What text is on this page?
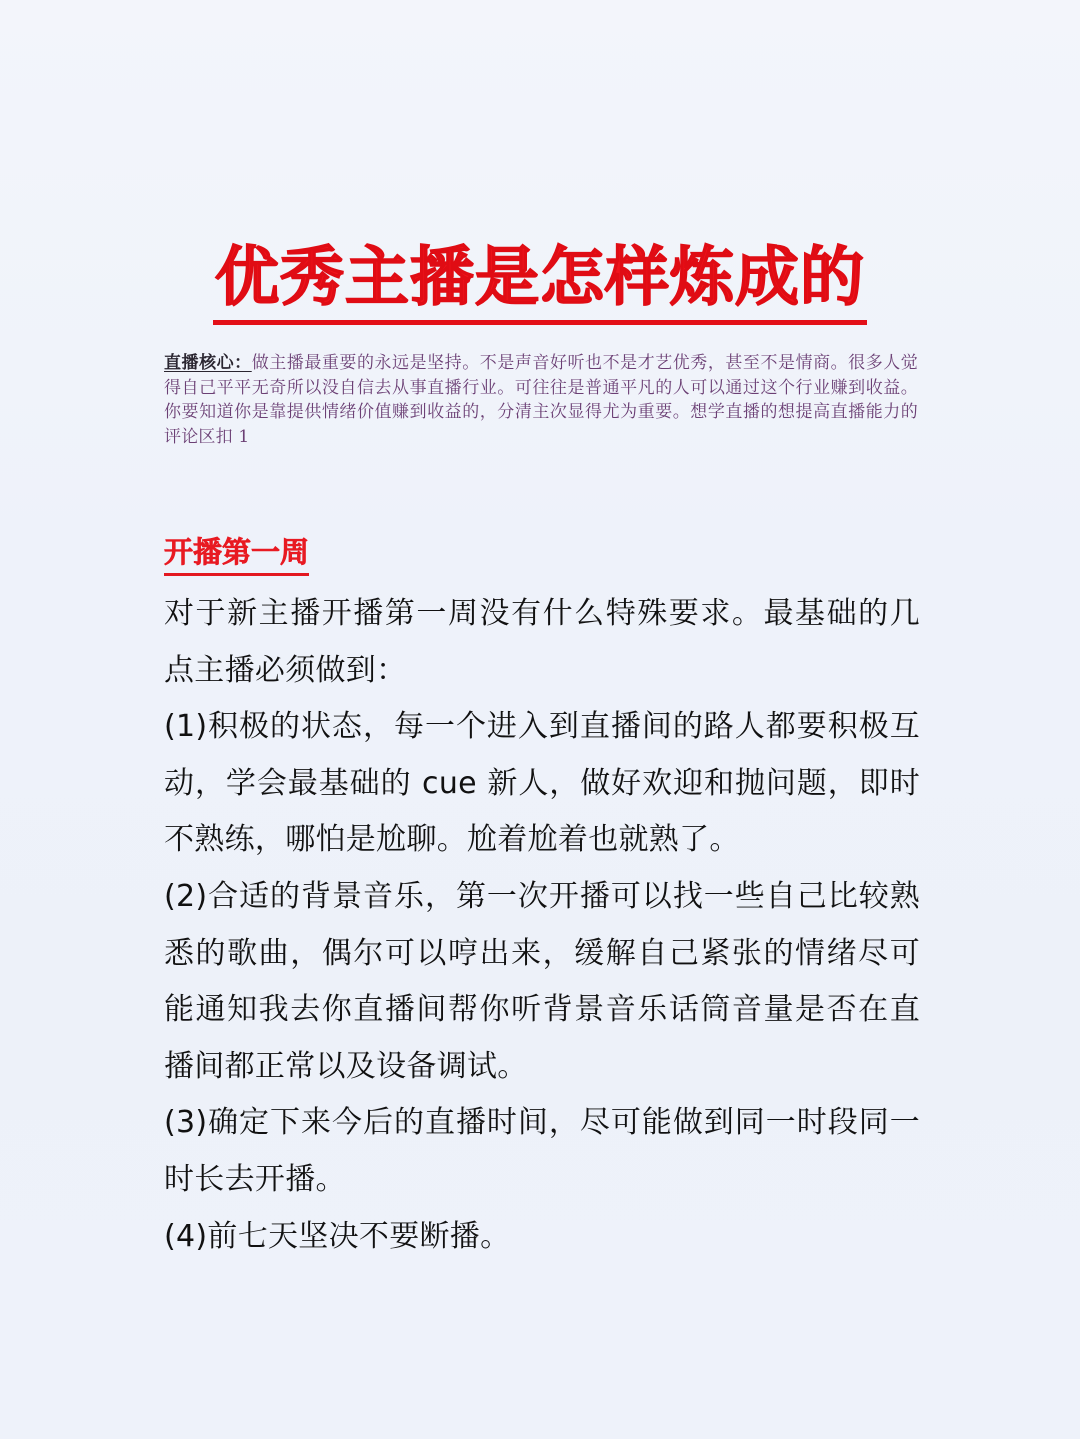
优秀主播是怎样炼成的
直播核心：做主播最重要的永远是坚持。不是声音好听也不是才艺优秀，甚至不是情商。很多人觉得自己平平无奇所以没自信去从事直播行业。可往往是普通平凡的人可以通过这个行业赚到收益。你要知道你是靠提供情绪价值赚到收益的，分清主次显得尤为重要。想学直播的想提高直播能力的评论区扣 1
开播第一周

对于新主播开播第一周没有什么特殊要求。最基础的几点主播必须做到：

(1)积极的状态，每一个进入到直播间的路人都要积极互动，学会最基础的 cue 新人，做好欢迎和抛问题，即时不熟练，哪怕是尬聊。尬着尬着也就熟了。

(2)合适的背景音乐，第一次开播可以找一些自己比较熟悉的歌曲，偶尔可以哼出来，缓解自己紧张的情绪尽可能通知我去你直播间帮你听背景音乐话筒音量是否在直播间都正常以及设备调试。

(3)确定下来今后的直播时间，尽可能做到同一时段同一时长去开播。

(4)前七天坚决不要断播。
